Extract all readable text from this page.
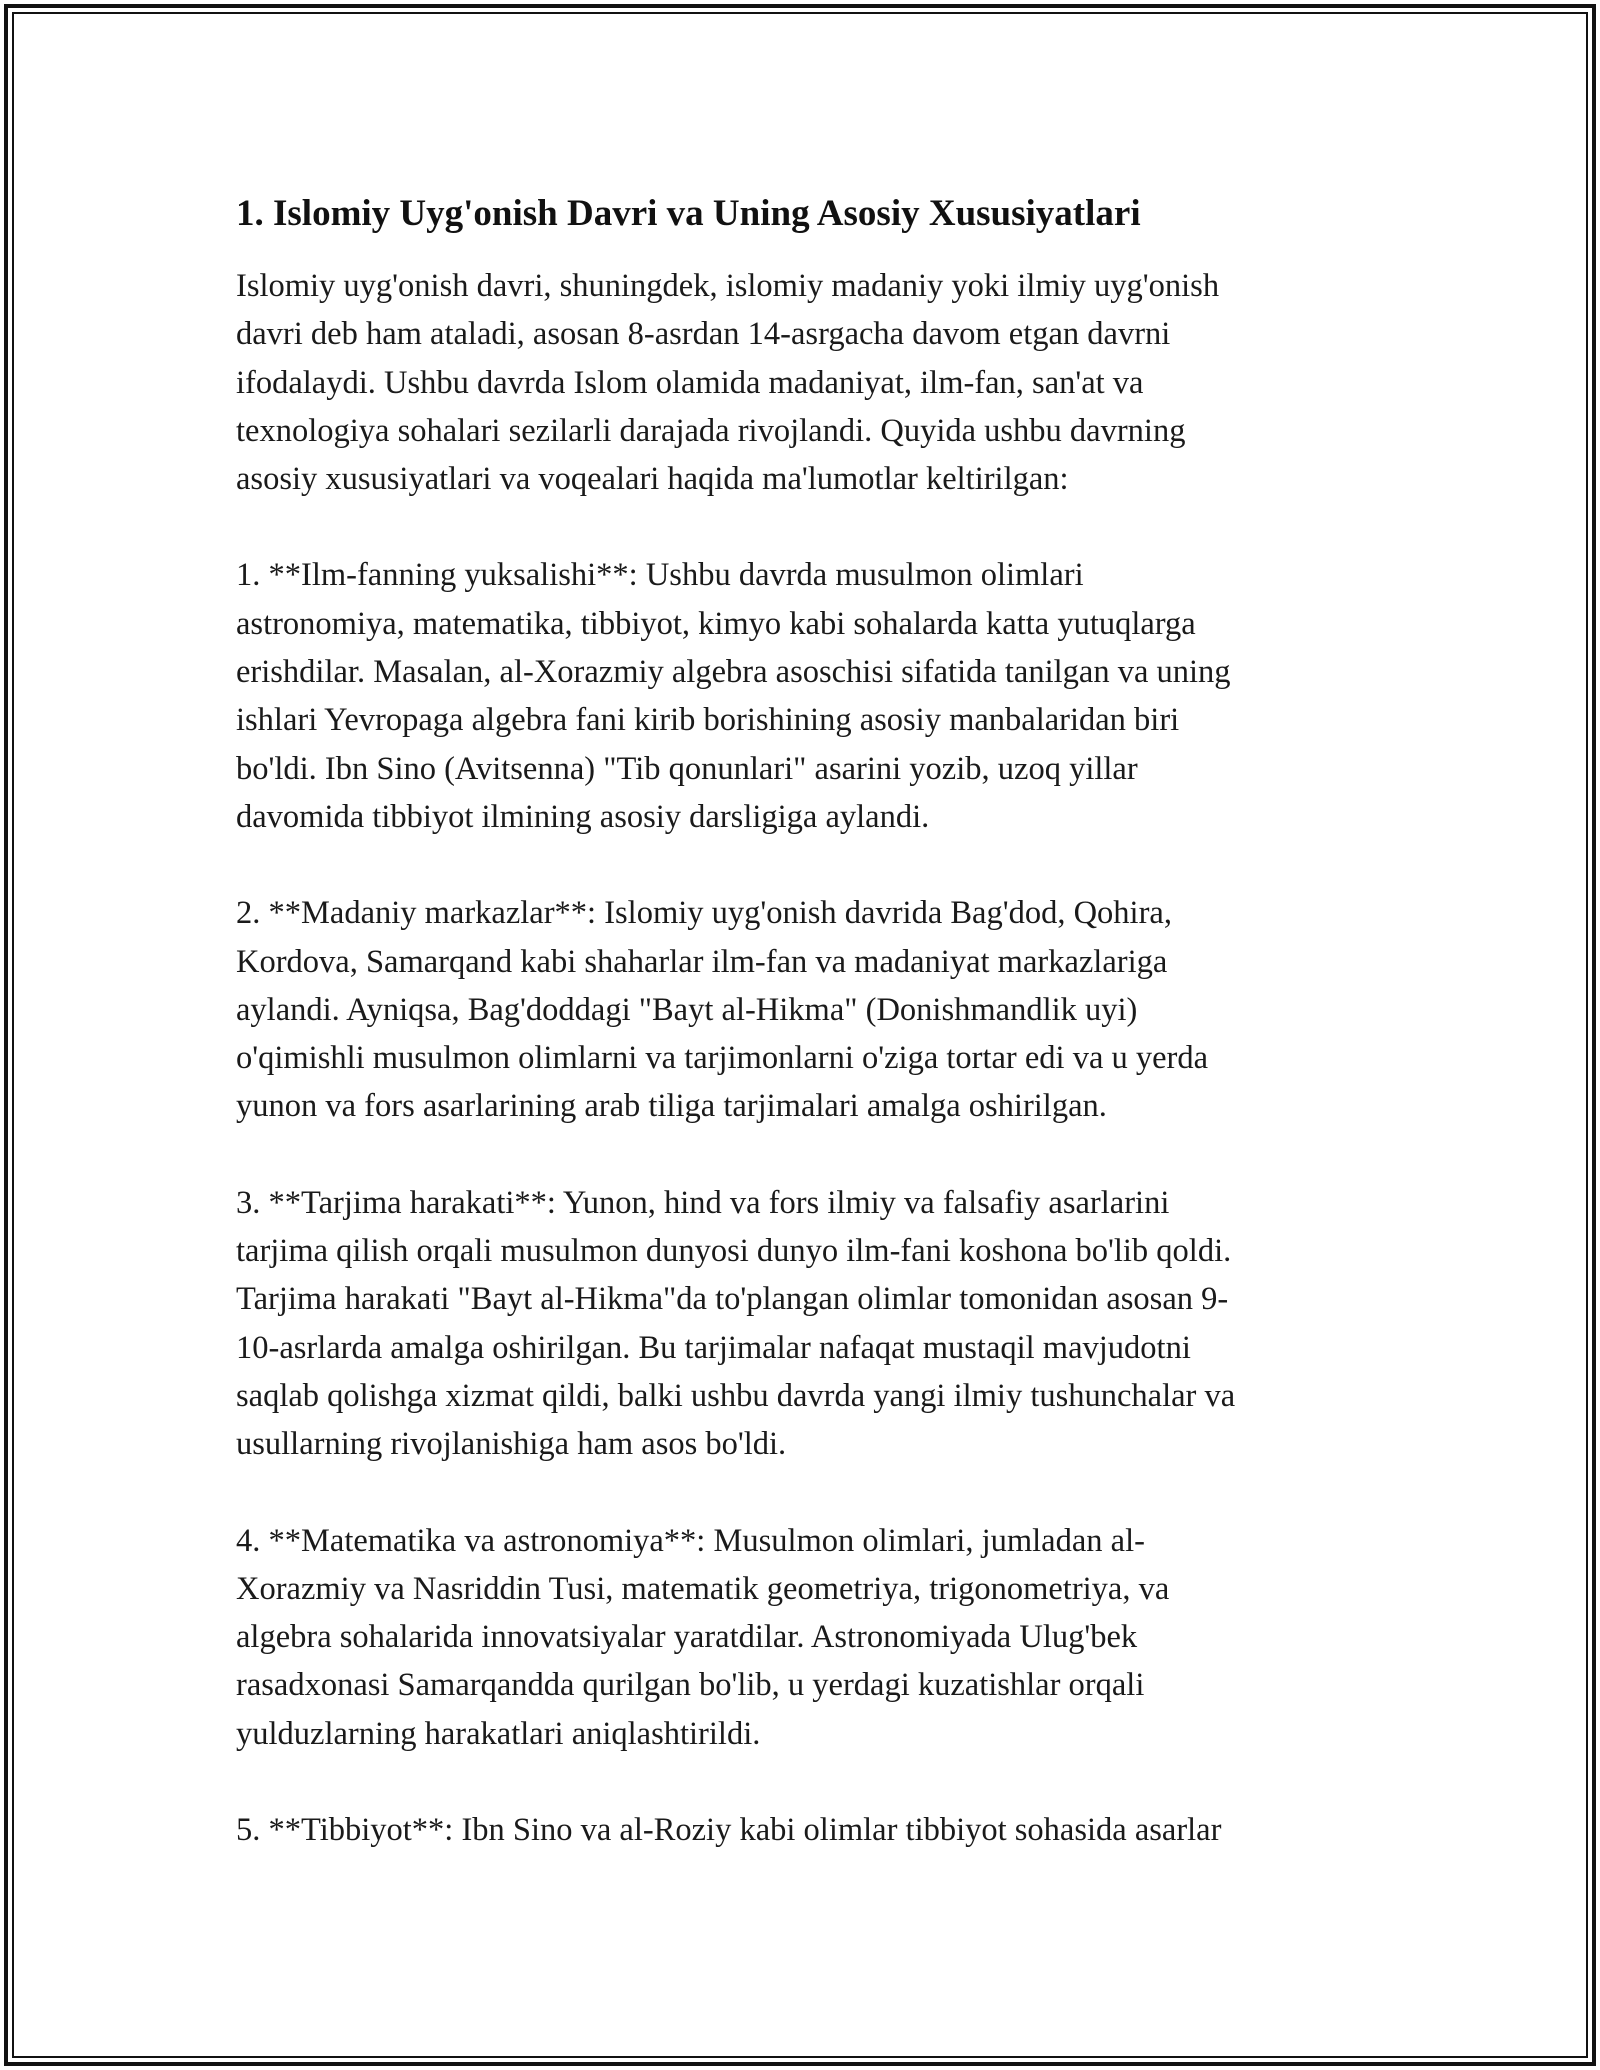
1. Islomiy Uyg'onish Davri va Uning Asosiy Xususiyatlari

Islomiy uyg'onish davri, shuningdek, islomiy madaniy yoki ilmiy uyg'onish
davri deb ham ataladi, asosan 8-asrdan 14-asrgacha davom etgan davrni
ifodalaydi. Ushbu davrda Islom olamida madaniyat, ilm-fan, san'at va
texnologiya sohalari sezilarli darajada rivojlandi. Quyida ushbu davrning
asosiy xususiyatlari va voqealari haqida ma'lumotlar keltirilgan:

1. **Ilm-fanning yuksalishi**: Ushbu davrda musulmon olimlari
astronomiya, matematika, tibbiyot, kimyo kabi sohalarda katta yutuqlarga
erishdilar. Masalan, al-Xorazmiy algebra asoschisi sifatida tanilgan va uning
ishlari Yevropaga algebra fani kirib borishining asosiy manbalaridan biri
bo'ldi. Ibn Sino (Avitsenna) "Tib qonunlari" asarini yozib, uzoq yillar
davomida tibbiyot ilmining asosiy darsligiga aylandi.

2. **Madaniy markazlar**: Islomiy uyg'onish davrida Bag'dod, Qohira,
Kordova, Samarqand kabi shaharlar ilm-fan va madaniyat markazlariga
aylandi. Ayniqsa, Bag'doddagi "Bayt al-Hikma" (Donishmandlik uyi)
o'qimishli musulmon olimlarni va tarjimonlarni o'ziga tortar edi va u yerda
yunon va fors asarlarining arab tiliga tarjimalari amalga oshirilgan.

3. **Tarjima harakati**: Yunon, hind va fors ilmiy va falsafiy asarlarini
tarjima qilish orqali musulmon dunyosi dunyo ilm-fani koshona bo'lib qoldi.
Tarjima harakati "Bayt al-Hikma"da to'plangan olimlar tomonidan asosan 9-
10-asrlarda amalga oshirilgan. Bu tarjimalar nafaqat mustaqil mavjudotni
saqlab qolishga xizmat qildi, balki ushbu davrda yangi ilmiy tushunchalar va
usullarning rivojlanishiga ham asos bo'ldi.

4. **Matematika va astronomiya**: Musulmon olimlari, jumladan al-
Xorazmiy va Nasriddin Tusi, matematik geometriya, trigonometriya, va
algebra sohalarida innovatsiyalar yaratdilar. Astronomiyada Ulug'bek
rasadxonasi Samarqandda qurilgan bo'lib, u yerdagi kuzatishlar orqali
yulduzlarning harakatlari aniqlashtirildi.

5. **Tibbiyot**: Ibn Sino va al-Roziy kabi olimlar tibbiyot sohasida asarlar
